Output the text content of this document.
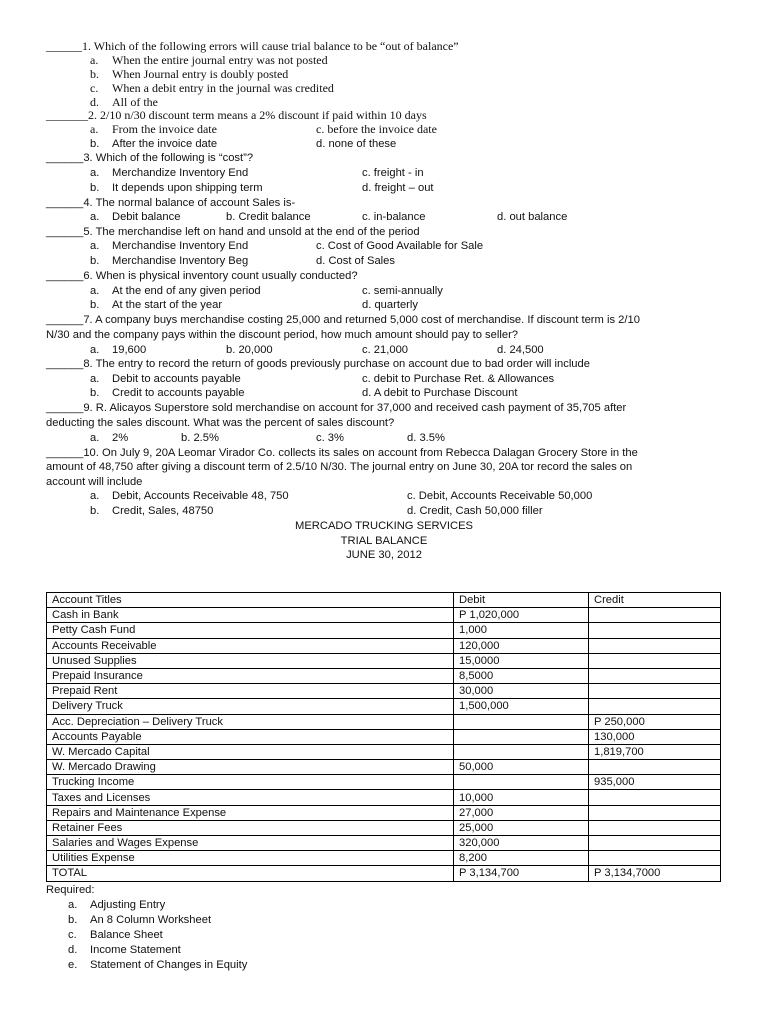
______1. Which of the following errors will cause trial balance to be “out of balance”
a. When the entire journal entry was not posted
b. When Journal entry is doubly posted
c. When a debit entry in the journal was credited
d. All of the
_______2. 2/10 n/30 discount term means a 2% discount if paid within 10 days
a. From the invoice date	c. before the invoice date
b. After the invoice date	d. none of these
______3. Which of the following is “cost”?
a. Merchandize Inventory End	c. freight - in
b. It depends upon shipping term	d. freight – out
______4. The normal balance of account Sales is-
a. Debit balance	b. Credit balance	c. in-balance	d. out balance
______5. The merchandise left on hand and unsold at the end of the period
a. Merchandise Inventory End	c. Cost of Good Available for Sale
b. Merchandise Inventory Beg	d. Cost of Sales
______6. When is physical inventory count usually conducted?
a. At the end of any given period	c. semi-annually
b. At the start of the year	d. quarterly
______7. A company buys merchandise costing 25,000 and returned 5,000 cost of merchandise. If discount term is 2/10
N/30 and the company pays within the discount period, how much amount should pay to seller?
a. 19,600	b. 20,000	c. 21,000	d. 24,500
______8. The entry to record the return of goods previously purchase on account due to bad order will include
a. Debit to accounts payable	c. debit to Purchase Ret. & Allowances
b. Credit to accounts payable	d. A debit to Purchase Discount
______9. R. Alicayos Superstore sold merchandise on account for 37,000 and received cash payment of 35,705 after
deducting the sales discount. What was the percent of sales discount?
a. 2%	b. 2.5%	c. 3%	d. 3.5%
______10. On July 9, 20A Leomar Virador Co. collects its sales on account from Rebecca Dalagan Grocery Store in the
amount of 48,750 after giving a discount term of 2.5/10 N/30. The journal entry on June 30, 20A tor record the sales on
account will include
a. Debit, Accounts Receivable 48, 750	c. Debit, Accounts Receivable 50,000
b. Credit, Sales, 48750	d. Credit, Cash 50,000 filler
MERCADO TRUCKING SERVICES
TRIAL BALANCE
JUNE 30, 2012
Account Titles	Debit	Credit
Cash in Bank	P 1,020,000	
Petty Cash Fund	1,000	
Accounts Receivable	120,000	
Unused Supplies	15,0000	
Prepaid Insurance	8,5000	
Prepaid Rent	30,000	
Delivery Truck	1,500,000	
Acc. Depreciation – Delivery Truck		P 250,000
Accounts Payable		130,000
W. Mercado Capital		1,819,700
W. Mercado Drawing	50,000	
Trucking Income		935,000
Taxes and Licenses	10,000	
Repairs and Maintenance Expense	27,000	
Retainer Fees	25,000	
Salaries and Wages Expense	320,000	
Utilities Expense	8,200	
TOTAL	P 3,134,700	P 3,134,7000
Required:
a. Adjusting Entry
b. An 8 Column Worksheet
c. Balance Sheet
d. Income Statement
e. Statement of Changes in Equity
